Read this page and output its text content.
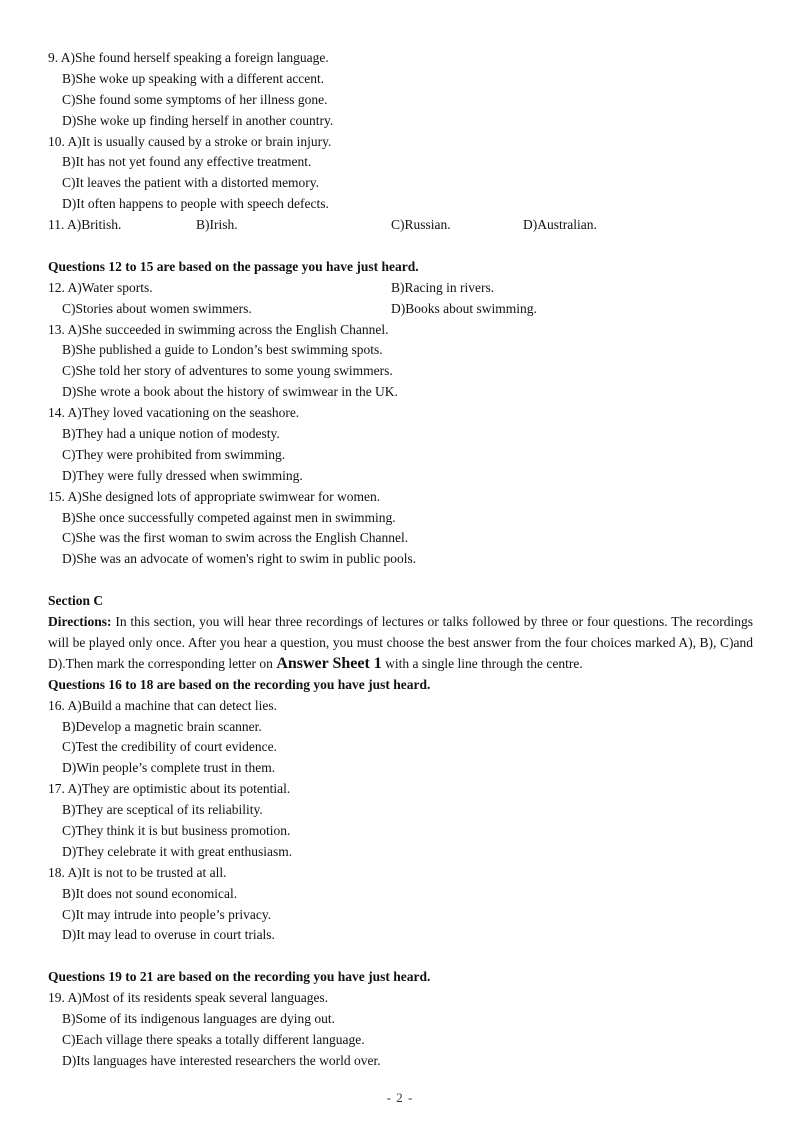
9. A)She found herself speaking a foreign language.
B)She woke up speaking with a different accent.
C)She found some symptoms of her illness gone.
D)She woke up finding herself in another country.
10. A)It is usually caused by a stroke or brain injury.
B)It has not yet found any effective treatment.
C)It leaves the patient with a distorted memory.
D)It often happens to people with speech defects.
11. A)British.	B)Irish.	C)Russian.	D)Australian.
Questions 12 to 15 are based on the passage you have just heard.
12. A)Water sports.	B)Racing in rivers.
C)Stories about women swimmers.	D)Books about swimming.
13. A)She succeeded in swimming across the English Channel.
B)She published a guide to London’s best swimming spots.
C)She told her story of adventures to some young swimmers.
D)She wrote a book about the history of swimwear in the UK.
14. A)They loved vacationing on the seashore.
B)They had a unique notion of modesty.
C)They were prohibited from swimming.
D)They were fully dressed when swimming.
15. A)She designed lots of appropriate swimwear for women.
B)She once successfully competed against men in swimming.
C)She was the first woman to swim across the English Channel.
D)She was an advocate of women's right to swim in public pools.
Section C
Directions: In this section, you will hear three recordings of lectures or talks followed by three or four questions. The recordings will be played only once. After you hear a question, you must choose the best answer from the four choices marked A), B), C)and D).Then mark the corresponding letter on Answer Sheet 1 with a single line through the centre.
Questions 16 to 18 are based on the recording you have just heard.
16. A)Build a machine that can detect lies.
B)Develop a magnetic brain scanner.
C)Test the credibility of court evidence.
D)Win people’s complete trust in them.
17. A)They are optimistic about its potential.
B)They are sceptical of its reliability.
C)They think it is but business promotion.
D)They celebrate it with great enthusiasm.
18. A)It is not to be trusted at all.
B)It does not sound economical.
C)It may intrude into people’s privacy.
D)It may lead to overuse in court trials.
Questions 19 to 21 are based on the recording you have just heard.
19. A)Most of its residents speak several languages.
B)Some of its indigenous languages are dying out.
C)Each village there speaks a totally different language.
D)Its languages have interested researchers the world over.
- 2 -
